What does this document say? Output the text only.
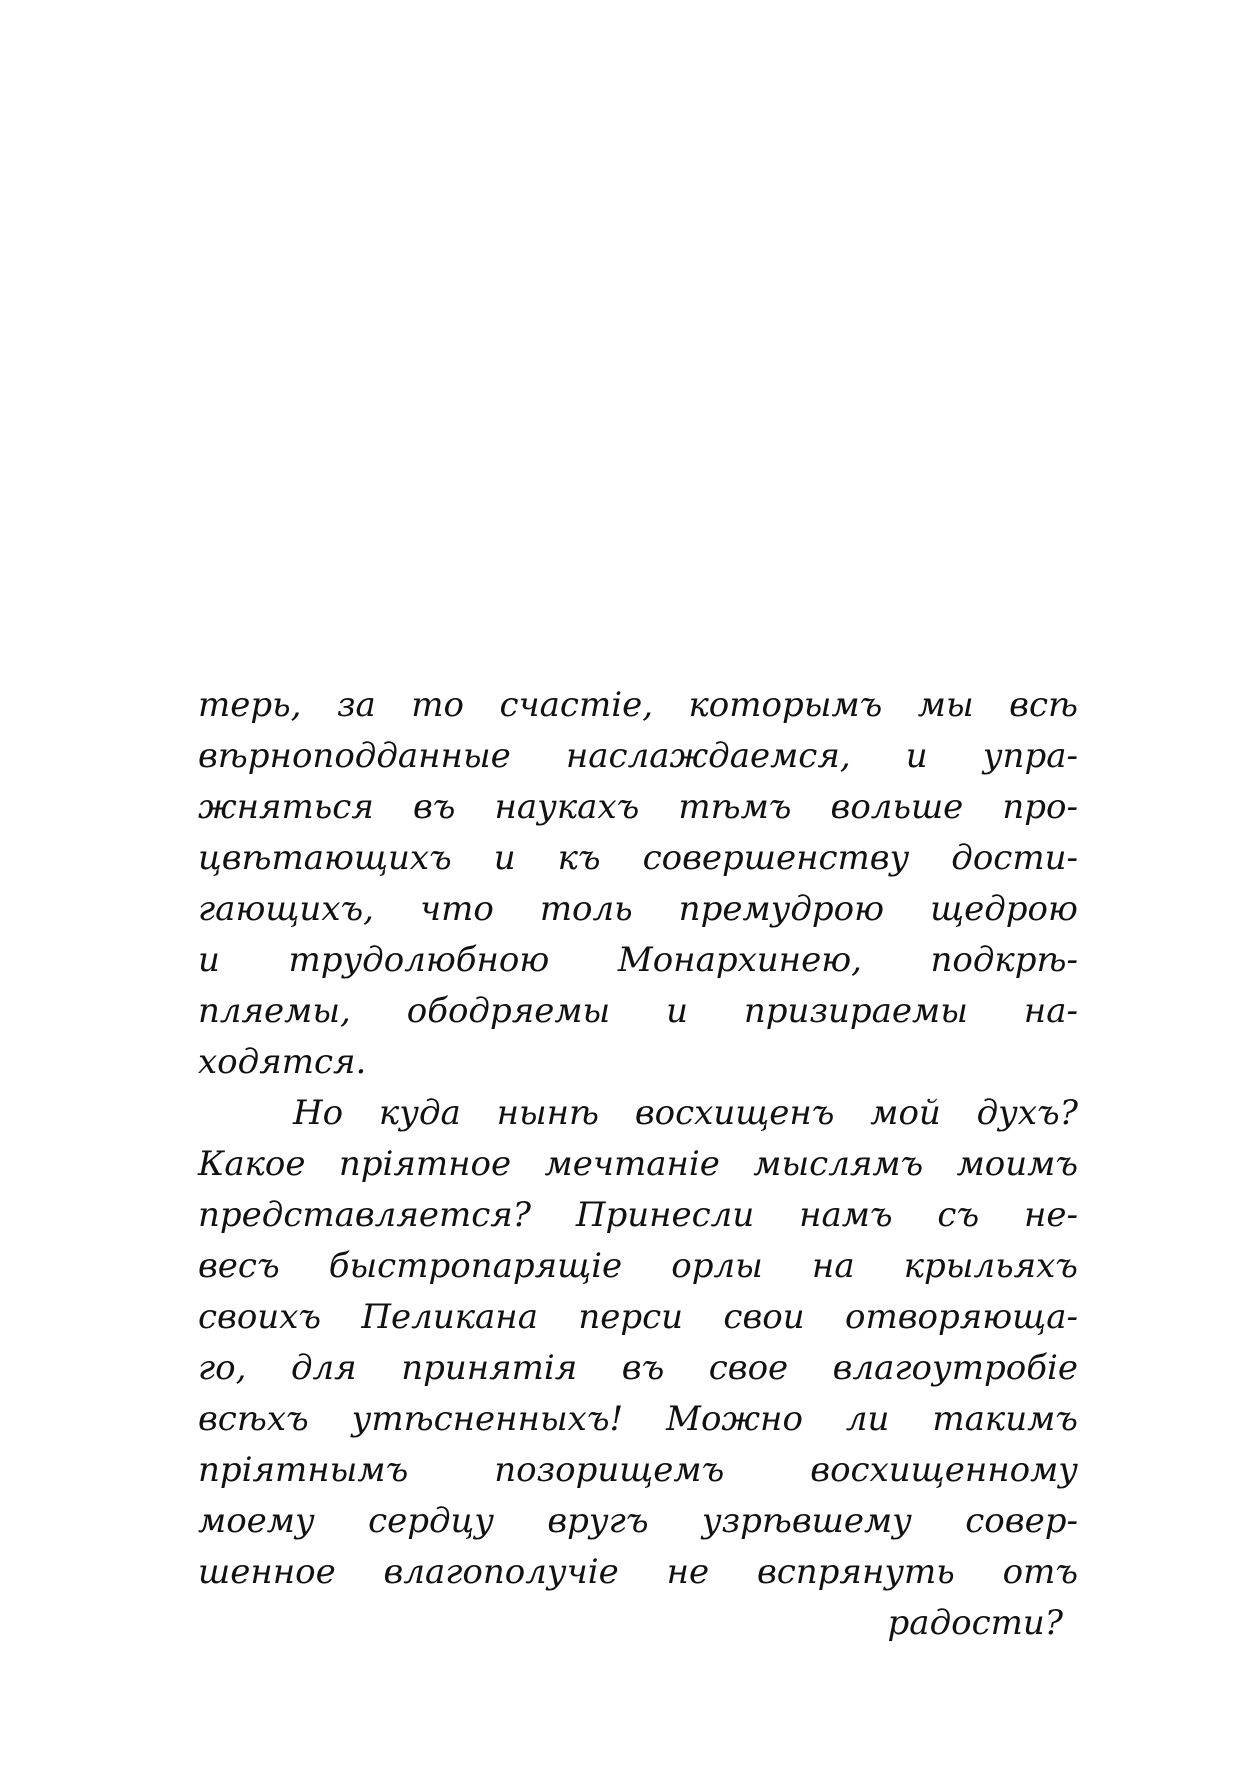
терь, за то счастіе, которымъ мы всѣ
вѣрноподданные наслаждаемся, и упра-
жняться въ наукахъ тѣмъ вольше про-
цвѣтающихъ и къ совершенству дости-
гающихъ, что толь премудрою щедрою
и трудолюбною Монархинею, подкрѣ-
пляемы, ободряемы и призираемы на-
ходятся.
Но куда нынѣ восхищенъ мой духъ?
Какое пріятное мечтаніе мыслямъ моимъ
представляется? Принесли намъ съ не-
весъ быстропарящіе орлы на крыльяхъ
своихъ Пеликана перси свои отворяюща-
го, для принятія въ свое влагоутробіе
всѣхъ утѣсненныхъ! Можно ли такимъ
пріятнымъ	позорищемъ	восхищенному
моему сердцу вругъ узрѣвшему совер-
шенное влагополучіе не вспрянуть отъ
радости?
